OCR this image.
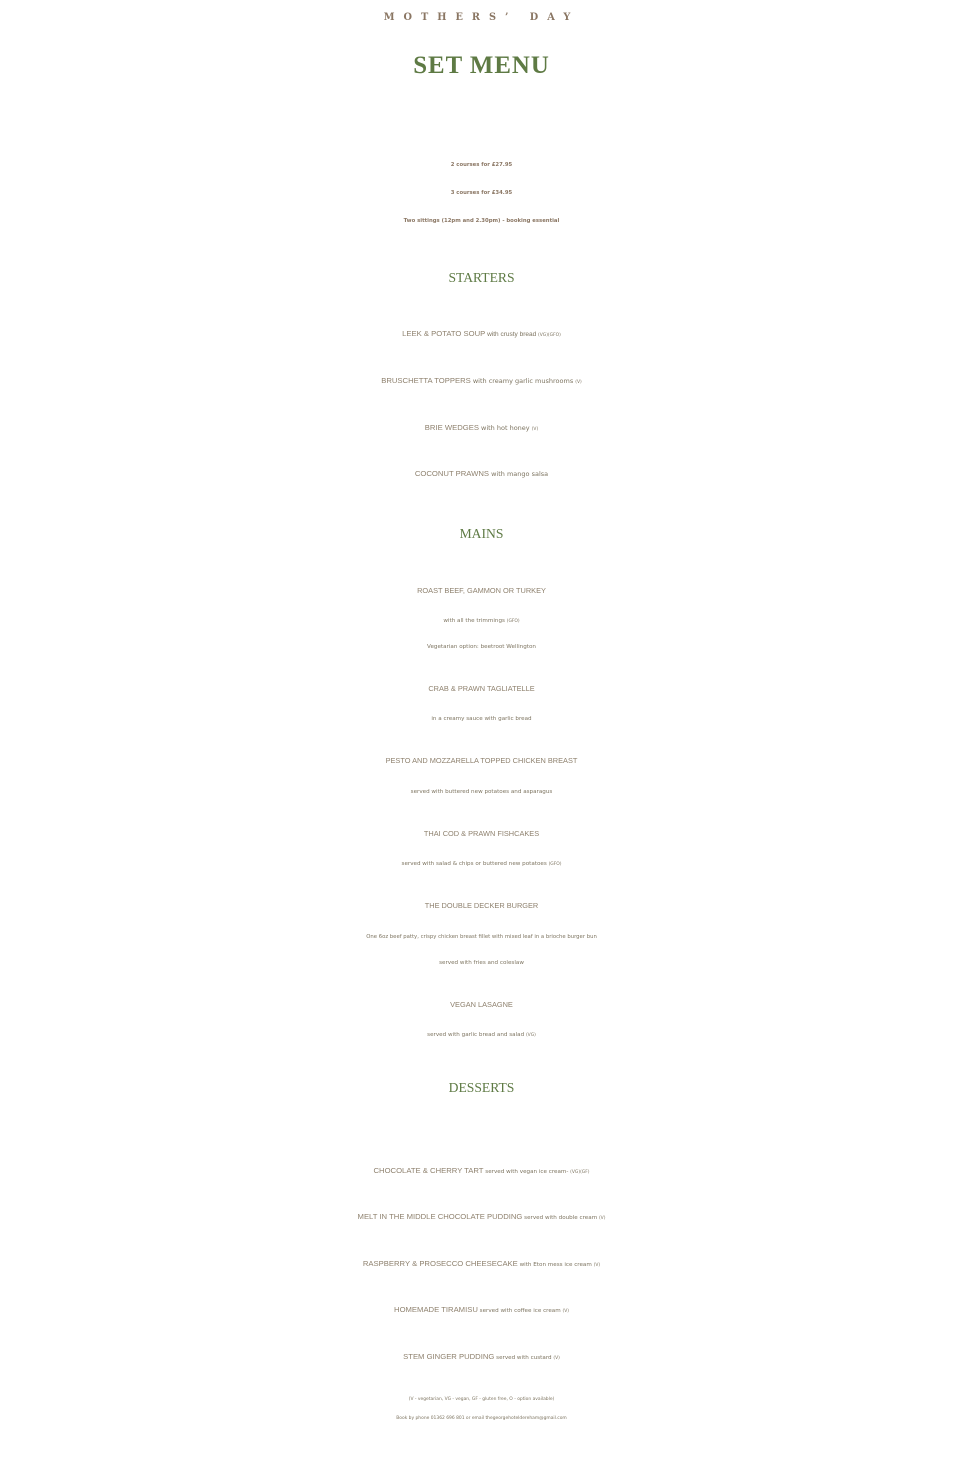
MOTHERS’ DAY
SET MENU
2 courses for £27.95
3 courses for £34.95
Two sittings (12pm and 2.30pm) - booking essential
STARTERS
LEEK & POTATO SOUP with crusty bread (VG)(GFO)
BRUSCHETTA TOPPERS with creamy garlic mushrooms (V)
BRIE WEDGES with hot honey (V)
COCONUT PRAWNS with mango salsa
MAINS
ROAST BEEF, GAMMON OR TURKEY
with all the trimmings (GFO)
Vegetarian option: beetroot Wellington
CRAB & PRAWN TAGLIATELLE
in a creamy sauce with garlic bread
PESTO AND MOZZARELLA TOPPED CHICKEN BREAST
served with buttered new potatoes and asparagus
THAI COD & PRAWN FISHCAKES
served with salad & chips or buttered new potatoes (GFO)
THE DOUBLE DECKER BURGER
One 6oz beef patty, crispy chicken breast fillet with mixed leaf in a brioche burger bun
served with fries and coleslaw
VEGAN LASAGNE
served with garlic bread and salad (VG)
DESSERTS
CHOCOLATE & CHERRY TART served with vegan ice cream- (VG)(GF)
MELT IN THE MIDDLE CHOCOLATE PUDDING served with double cream (V)
RASPBERRY & PROSECCO CHEESECAKE with Eton mess ice cream (V)
HOMEMADE TIRAMISU served with coffee ice cream (V)
STEM GINGER PUDDING served with custard (V)
(V - vegetarian, VG - vegan, GF - gluten free, O - option available)
Book by phone 01362 696 801 or email thegeorgehoteldereham@gmail.com
